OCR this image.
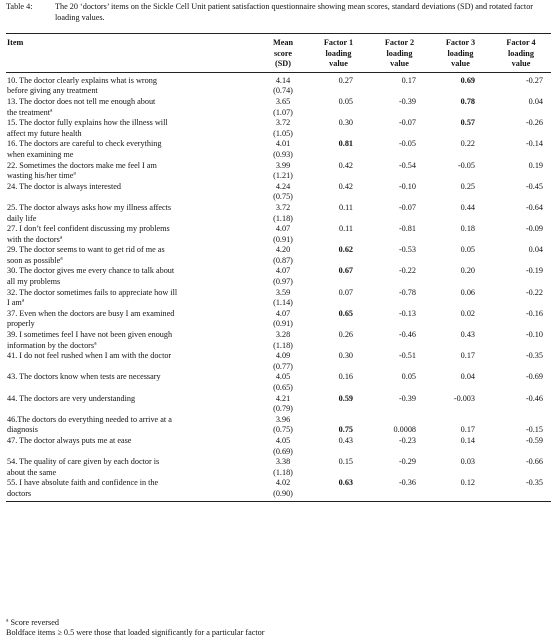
Table 4:	The 20 ‘doctors’ items on the Sickle Cell Unit patient satisfaction questionnaire showing mean scores, standard deviations (SD) and rotated factor loading values.
Item	Mean
score
(SD)	Factor 1
loading
value	Factor 2
loading
value	Factor 3
loading
value	Factor 4
loading
value
10. The doctor clearly explains what is wrong
before giving any treatment	4.14
(0.74)	0.27	0.17	0.69	-0.27
13. The doctor does not tell me enough about
the treatment$^a$	3.65
(1.07)	0.05	-0.39	0.78	0.04
15. The doctor fully explains how the illness will
affect my future health	3.72
(1.05)	0.30	-0.07	0.57	-0.26
16. The doctors are careful to check everything
when examining me	4.01
(0.93)	0.81	-0.05	0.22	-0.14
22. Sometimes the doctors make me feel I am
wasting his/her time$^a$	3.99
(1.21)	0.42	-0.54	-0.05	0.19
24. The doctor is always interested	4.24
(0.75)	0.42	-0.10	0.25	-0.45
25. The doctor always asks how my illness affects
daily life	3.72
(1.18)	0.11	-0.07	0.44	-0.64
27. I don’t feel confident discussing my problems
with the doctors$^a$	4.07
(0.91)	0.11	-0.81	0.18	-0.09
29. The doctor seems to want to get rid of me as
soon as possible$^a$	4.20
(0.87)	0.62	-0.53	0.05	0.04
30. The doctor gives me every chance to talk about
all my problems	4.07
(0.97)	0.67	-0.22	0.20	-0.19
32. The doctor sometimes fails to appreciate how ill
I $am^a$	3.59
(1.14)	0.07	-0.78	0.06	-0.22
37. Even when the doctors are busy I am examined
properly	4.07
(0.91)	0.65	-0.13	0.02	-0.16
39. I sometimes feel I have not been given enough
information by the doctors$^a$	3.28
(1.18)	0.26	-0.46	0.43	-0.10
41. I do not feel rushed when I am with the doctor	4.09
(0.77)	0.30	-0.51	0.17	-0.35
43. The doctors know when tests are necessary	4.05
(0.65)	0.16	0.05	0.04	-0.69
44. The doctors are very understanding	4.21
(0.79)	0.59	-0.39	-0.003	-0.46
46.The doctors do everything needed to arrive at a
diagnosis	3.96
(0.75)	0.75	0.0008	0.17	-0.15
47. The doctor always puts me at ease	4.05
(0.69)	0.43	-0.23	0.14	-0.59
54. The quality of care given by each doctor is
about the same	3.38
(1.18)	0.15	-0.29	0.03	-0.66
55. I have absolute faith and confidence in the
doctors	4.02
(0.90)	0.63	-0.36	0.12	-0.35
$^a$ Score reversed
Boldface items ≥ 0.5 were those that loaded significantly for a particular factor
